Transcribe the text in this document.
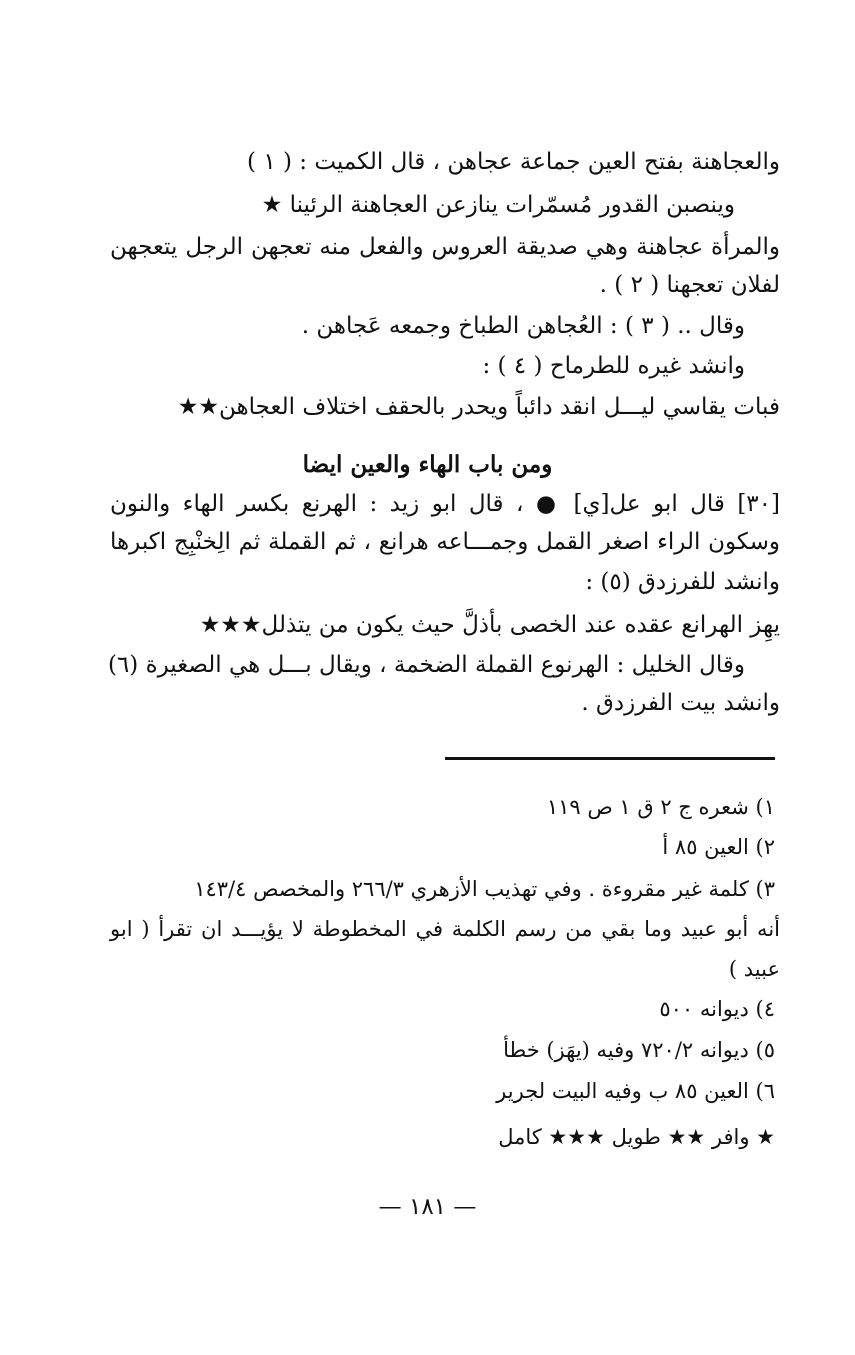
والعجاهنة بفتح العين جماعة عجاهن ، قال الكميت : ( ١ )
وينصبن القدور مُسمّرات ينازعن العجاهنة الرئينا ★
والمرأة عجاهنة وهي صديقة العروس والفعل منه تعجهن الرجل يتعجهن
لفلان تعجهنا ( ٢ ) .
وقال .. ( ٣ ) : العُجاهن الطباخ وجمعه عَجاهن .
وانشد غيره للطرماح ( ٤ ) :
فبات يقاسي ليـــل انقد دائباً ويحدر بالحقف اختلاف العجاهن★★
ومن باب الهاء والعين ايضا
[٣٠] قال ابو عل[ي] ● ، قال ابو زيد : الهرنع بكسر الهاء والنون
وسكون الراء اصغر القمل وجمـــاعه هرانع ، ثم القملة ثم الِخنْبِج اكبرها
وانشد للفرزدق (٥) :
يهِز الهرانع عقده عند الخصى بأذلَّ حيث يكون من يتذلل★★★
وقال الخليل : الهرنوع القملة الضخمة ، ويقال بـــل هي الصغيرة (٦)
وانشد بيت الفرزدق .
١) شعره ج ٢ ق ١ ص ١١٩
٢) العين ٨٥ أ
٣) كلمة غير مقروءة . وفي تهذيب الأزهري ٢٦٦/٣ والمخصص ١٤٣/٤
أنه أبو عبيد وما بقي من رسم الكلمة في المخطوطة لا يؤيـــد ان تقرأ ( ابو
عبيد )
٤) ديوانه ٥٠٠
٥) ديوانه ٧٢٠/٢ وفيه (يهَز) خطأ
٦) العين ٨٥ ب وفيه البيت لجرير
★ وافر ★★ طويل ★★★ كامل
— ١٨١ —
